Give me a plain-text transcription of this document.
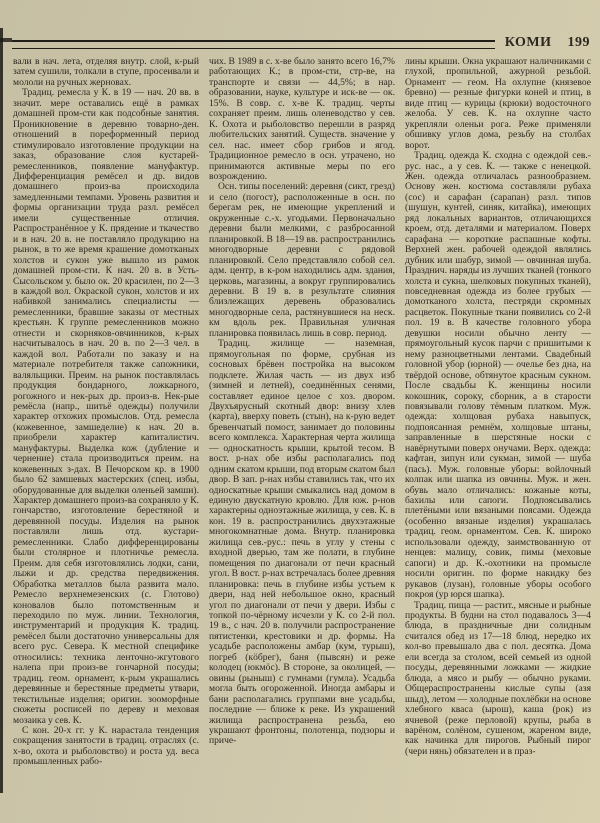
КОМИ 199

вали в нач. лета, отделяя внутр. слой, к-рый затем сушили, толкали в ступе, просеивали и мололи на ручных жерновах.

Традиц. ремесла у К. в 19 — нач. 20 вв. в значит. мере оставались ещё в рамках домашней пром-сти как подсобные занятия. Проникновение в деревню товарно-ден. отношений в пореформенный период стимулировало изготовление продукции на заказ, образование слоя кустарей-ремесленников, появление мануфактур. Дифференциация ремёсел и др. видов домашнего произ-ва происходила замедленными темпами. Уровень развития и формы организации труда разл. ремёсел имели существенные отличия. Распространённое у К. прядение и ткачество и в нач. 20 в. не поставляло продукцию на рынок, в то же время крашение домотканых холстов и сукон уже вышло из рамок домашней пром-сти. К нач. 20 в. в Усть-Сысольском у. было ок. 20 красилен, по 2—3 в каждой вол. Окраской сукон, холстов и их набивкой занимались специалисты — ремесленники, бравшие заказы от местных крестьян. К группе ремесленников можно отнести и скорняков-овчинников, к-рых насчитывалось в нач. 20 в. по 2—3 чел. в каждой вол. Работали по заказу и на материале потребителя также сапожники, валяльщики. Преим. на рынок поставлялась продукция бондарного, ложкарного, рогожного и нек-рых др. произ-в. Нек-рые ремёсла (напр., шитьё одежды) получили характер отхожих промыслов. Отд. ремесла (кожевенное, замшеделие) к нач. 20 в. приобрели характер капиталистич. мануфактуры. Выделка кож (дубление и чернение) стала производиться преим. на кожевенных з-дах. В Печорском кр. в 1900 было 62 замшевых мастерских (спец. избы, оборудованные для выделки оленьей замши). Характер домашнего произ-ва сохраняло у К. гончарство, изготовление берестяной и деревянной посуды. Изделия на рынок поставляли лишь отд. кустари-ремесленники. Слабо дифференцированы были столярное и плотничье ремесла. Преим. для себя изготовлялись лодки, сани, лыжи и др. средства передвижения. Обработка металлов была развита мало. Ремесло верхнемезенских (с. Глотово) коновалов было потомственным и переходило по муж. линии. Технология, инструментарий и продукция К. традиц. ремёсел были достаточно универсальны для всего рус. Севера. К местной специфике относились: техника ленточно-жгутового налепа при произ-ве гончарной посуды; традиц. геом. орнамент, к-рым украшались деревянные и берестяные предметы утвари, текстильные изделия; оригин. зооморфные сюжеты росписей по дереву и меховая мозаика у сев. К.

С кон. 20-х гг. у К. нарастала тенденция сокращения занятости в традиц. отраслях (с. х-во, охота и рыболовство) и роста уд. веса промышленных рабо-

чих. В 1989 в с. х-ве было занято всего 16,7% работающих К.; в пром-сти, стр-ве, на транспорте и связи — 44,5%; в нар. образовании, науке, культуре и иск-ве — ок. 15%. В совр. с. х-ве К. традиц. черты сохраняет преим. лишь оленеводство у сев. К. Охота и рыболовство перешли в разряд любительских занятий. Существ. значение у сел. нас. имеет сбор грибов и ягод. Традиционное ремесло в осн. утрачено, но принимаются активные меры по его возрождению.

Осн. типы поселений: деревня (сикт, грезд) и село (погост), расположенные в осн. по берегам рек, не имеющие укреплений и окруженные с.-х. угодьями. Первоначально деревни были мелкими, с разбросанной планировкой. В 18—19 вв. распространились многодворные деревни с рядовой планировкой. Село представляло собой сел. адм. центр, в к-ром находились адм. здания, церковь, магазины, а вокруг группировались деревни. В 19 в. в результате слияния близлежащих деревень образовались многодворные села, растянувшиеся на неск. км вдоль рек. Правильная уличная планировка появилась лишь в совр. период.

Традиц. жилище — наземная, прямоугольная по форме, срубная из сосновых брёвен постройка на высоком подклете. Жилая часть — из двух изб (зимней и летней), соединённых сенями, составляет единое целое с хоз. двором. Двухъярусный скотный двор: внизу хлев (карта), вверху поветь (стын), на к-рую ведет бревенчатый помост, занимает до половины всего комплекса. Характерная черта жилища — односкатность крыши, крытой тесом. В вост. р-нах обе избы располагались под одним скатом крыши, под вторым скатом был двор. В зап. р-нах избы ставились так, что их односкатные крыши смыкались над домом в единую двускатную кровлю. Для юж. р-нов характерны одноэтажные жилища, у сев. К. в кон. 19 в. распространились двухэтажные многокомнатные дома. Внутр. планировка жилища сев.-рус.: печь в углу у стены с входной дверью, там же полати, в глубине помещения по диагонали от печи красный угол. В вост. р-нах встречалась более древняя планировка: печь в глубине избы устьем к двери, над ней небольшое окно, красный угол по диагонали от печи у двери. Избы с топкой по-чёрному исчезли у К. со 2-й пол. 19 в., с нач. 20 в. получили распространение пятистенки, крестовики и др. формы. На усадьбе расположены амбар (кум, турыш), погреб (кöбрег), баня (пывсян) и реже колодец (юкмöс). В стороне, за околицей, — овины (рыныш) с гумнами (гумла). Усадьба могла быть огороженной. Иногда амбары и бани располагались группами вне усадьбы, последние — ближе к реке. Из украшений жилища распространена резьба, ею украшают фронтоны, полотенца, подзоры и приче-

лины крыши. Окна украшают наличниками с глухой, пропильной, ажурной резьбой. Орнамент — геом. На охлупне (князевое бревно) — резные фигурки коней и птиц, в виде птиц — курицы (крюки) водосточного желоба. У сев. К. на охлупне часто укрепляли оленьи рога. Реже применяли обшивку углов дома, резьбу на столбах ворот.

Традиц. одежда К. сходна с одеждой сев.-рус. нас., а у сев. К. — также с ненецкой. Жен. одежда отличалась разнообразием. Основу жен. костюма составляли рубаха (сос) и сарафан (сарапан) разл. типов (шушун, кунтей, синяк, китайка), имеющих ряд локальных вариантов, отличающихся кроем, отд. деталями и материалом. Поверх сарафана — короткие распашные кофты. Верхней жен. рабочей одеждой являлись дубник или шабур, зимой — овчинная шуба. Празднич. наряды из лучших тканей (тонкого холста и сукна, шелковых покупных тканей), повседневная одежда из более грубых — домотканого холста, пестряди скромных расцветок. Покупные ткани появились со 2-й пол. 19 в. В качестве головного убора девушки носили обычно ленту — прямоугольный кусок парчи с пришитыми к нему разноцветными лентами. Свадебный головной убор (юрной) — очелье без дна, на твёрдой основе, обтянутое красным сукном. После свадьбы К. женщины носили кокошник, сороку, сборник, а в старости повязывали голову тёмным платком. Муж. одежда: холщовая рубаха навыпуск, подпоясанная ремнём, холщовые штаны, заправленные в шерстяные носки с навёрнутыми поверх онучами. Верх. одежда: кафтан, зипун или сукман, зимой — шуба (пась). Муж. головные уборы: войлочный колпак или шапка из овчины. Муж. и жен. обувь мало отличались: кожаные коты, бахилы или сапоги. Подпоясывались плетёными или вязаными поясами. Одежда (особенно вязаные изделия) украшалась традиц. геом. орнаментом. Сев. К. широко использовали одежду, заимствованную от ненцев: малицу, совик, пимы (меховые сапоги) и др. К.-охотники на промысле носили оригин. по форме накидку без рукавов (лузан), головные уборы особого покроя (ур юрся шапка).

Традиц. пища — растит., мясные и рыбные продукты. В будни на стол подавалось 3—4 блюда, в праздничные дни солидным считался обед из 17—18 блюд, нередко их кол-во превышало два с пол. десятка. Дома ели всегда за столом, всей семьей из одной посуды, деревянными ложками — жидкие блюда, а мясо и рыбу — обычно руками. Общераспространены кислые супы (азя шыд), летом — холодные похлёбки на основе хлебного кваса (ырош), каша (рок) из ячневой (реже перловой) крупы, рыба в варёном, солёном, сушеном, жареном виде, как начинка для пирогов. Рыбный пирог (чери нянь) обязателен и в праз-
